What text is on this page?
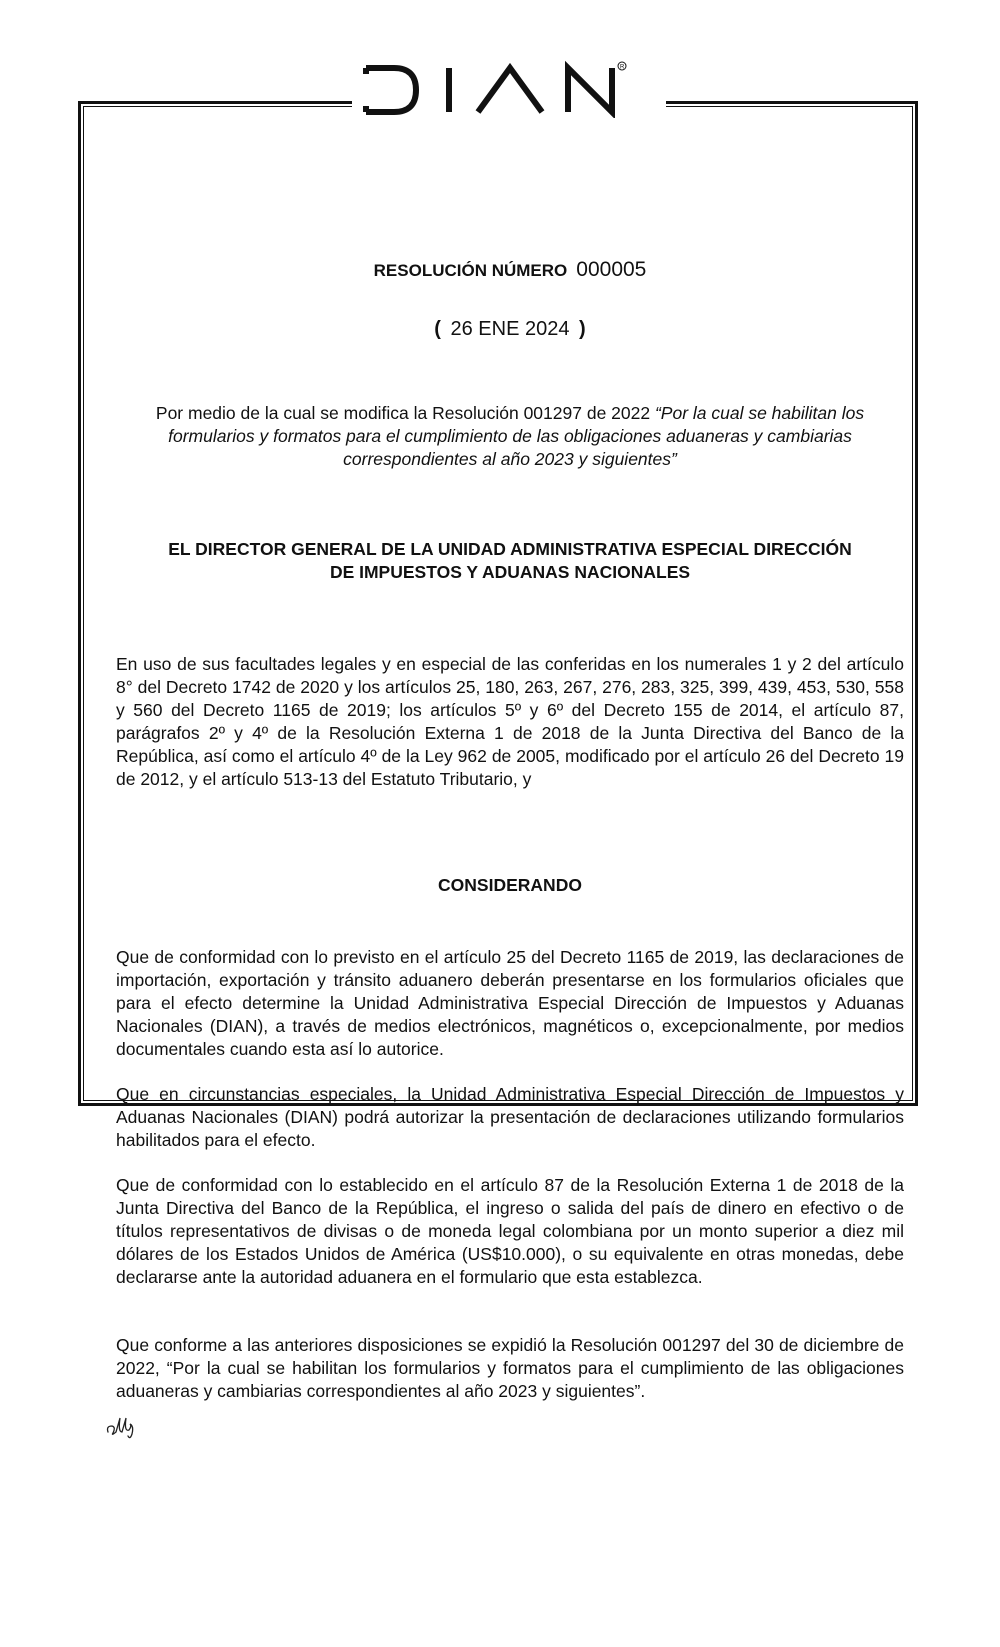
R
RESOLUCIÓN NÚMERO 000005
( 26 ENE 2024 )
Por medio de la cual se modifica la Resolución 001297 de 2022 “Por la cual se habilitan los formularios y formatos para el cumplimiento de las obligaciones aduaneras y cambiarias correspondientes al año 2023 y siguientes”
EL DIRECTOR GENERAL DE LA UNIDAD ADMINISTRATIVA ESPECIAL DIRECCIÓN
DE IMPUESTOS Y ADUANAS NACIONALES
En uso de sus facultades legales y en especial de las conferidas en los numerales 1 y 2 del artículo 8° del Decreto 1742 de 2020 y los artículos 25, 180, 263, 267, 276, 283, 325, 399, 439, 453, 530, 558 y 560 del Decreto 1165 de 2019; los artículos 5º y 6º del Decreto 155 de 2014, el artículo 87, parágrafos 2º y 4º de la Resolución Externa 1 de 2018 de la Junta Directiva del Banco de la República, así como el artículo 4º de la Ley 962 de 2005, modificado por el artículo 26 del Decreto 19 de 2012, y el artículo 513-13 del Estatuto Tributario, y
CONSIDERANDO
Que de conformidad con lo previsto en el artículo 25 del Decreto 1165 de 2019, las declaraciones de importación, exportación y tránsito aduanero deberán presentarse en los formularios oficiales que para el efecto determine la Unidad Administrativa Especial Dirección de Impuestos y Aduanas Nacionales (DIAN), a través de medios electrónicos, magnéticos o, excepcionalmente, por medios documentales cuando esta así lo autorice.
Que en circunstancias especiales, la Unidad Administrativa Especial Dirección de Impuestos y Aduanas Nacionales (DIAN) podrá autorizar la presentación de declaraciones utilizando formularios habilitados para el efecto.
Que de conformidad con lo establecido en el artículo 87 de la Resolución Externa 1 de 2018 de la Junta Directiva del Banco de la República, el ingreso o salida del país de dinero en efectivo o de títulos representativos de divisas o de moneda legal colombiana por un monto superior a diez mil dólares de los Estados Unidos de América (US$10.000), o su equivalente en otras monedas, debe declararse ante la autoridad aduanera en el formulario que esta establezca.
Que conforme a las anteriores disposiciones se expidió la Resolución 001297 del 30 de diciembre de 2022, “Por la cual se habilitan los formularios y formatos para el cumplimiento de las obligaciones aduaneras y cambiarias correspondientes al año 2023 y siguientes”.
